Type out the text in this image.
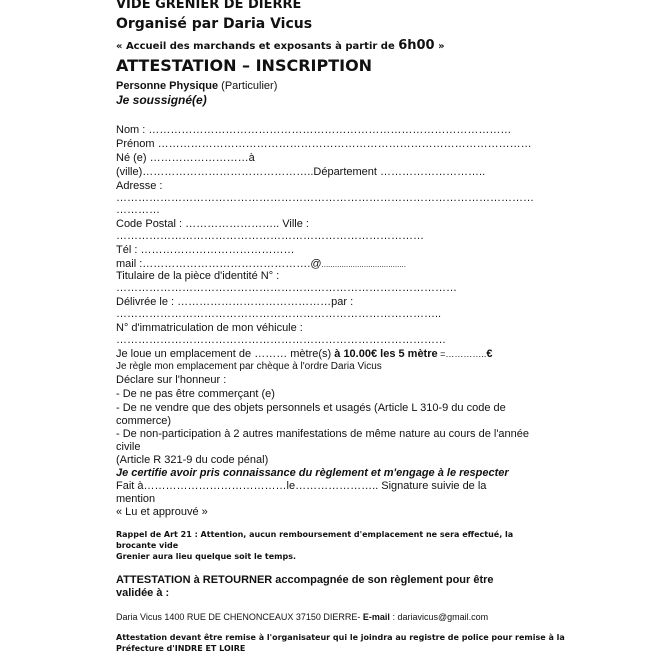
VIDE GRENIER DE DIERRE
Organisé par Daria Vicus
« Accueil des marchands et exposants à partir de 6h00 »
ATTESTATION – INSCRIPTION
Personne Physique (Particulier)
Je soussigné(e)
Nom : ………………………………………………………………………………………
Prénom …………………………………………………………………………………………
Né (e) ………………………à
(ville)………………………………………..Département ………………………..
Adresse :
……………………………………………………………………………………………………
…………
Code Postal : …………………….. Ville :
…………………………………………………………………………
Tél : ……………………………………
mail :……………………………………….@......................................
Titulaire de la pièce d'identité N° :
…………………………………………………………………………………
Délivrée le : ……………………………………par :
……………………………………………………………………………..
N° d'immatriculation de mon véhicule :
………………………………………………………………………………
Je loue un emplacement de ……… mètre(s) à 10.00€ les 5 mètre =…………..€
Je règle mon emplacement par chèque à l'ordre Daria Vicus
Déclare sur l'honneur :
- De ne pas être commerçant (e)
- De ne vendre que des objets personnels et usagés (Article L 310-9 du code de
commerce)
- De non-participation à 2 autres manifestations de même nature au cours de l'année
civile
(Article R 321-9 du code pénal)
Je certifie avoir pris connaissance du règlement et m'engage à le respecter
Fait à…………………………………le………………….. Signature suivie de la
mention
« Lu et approuvé »
Rappel de Art 21 : Attention, aucun remboursement d'emplacement ne sera effectué, la
brocante vide
Grenier aura lieu quelque soit le temps.
ATTESTATION à RETOURNER accompagnée de son règlement pour être
validée à :
Daria Vicus 1400 RUE DE CHENONCEAUX 37150 DIERRE- E-mail : dariavicus@gmail.com
Attestation devant être remise à l'organisateur qui le joindra au registre de police pour remise à la
Préfecture d'INDRE ET LOIRE
